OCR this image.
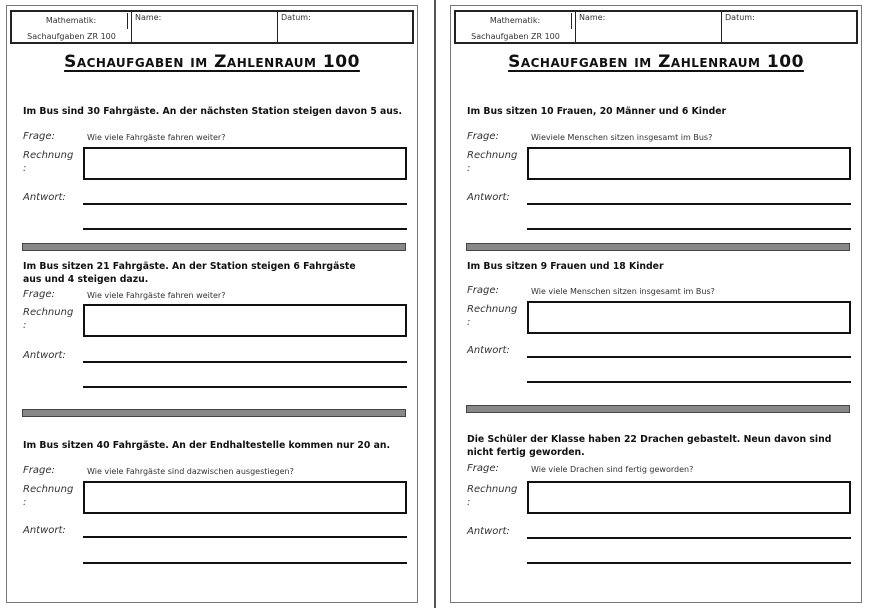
Mathematik:
Sachaufgaben ZR 100
Name:	Datum:
Sachaufgaben im Zahlenraum 100
Im Bus sind 30 Fahrgäste. An der nächsten Station steigen davon 5 aus.
Frage:	Wie viele Fahrgäste fahren weiter?
Rechnung
:
Antwort:
Im Bus sitzen 21 Fahrgäste. An der Station steigen 6 Fahrgäste aus und 4 steigen dazu.
Frage:	Wie viele Fahrgäste fahren weiter?
Rechnung
:
Antwort:
Im Bus sitzen 40 Fahrgäste. An der Endhaltestelle kommen nur 20 an.
Frage:	Wie viele Fahrgäste sind dazwischen ausgestiegen?
Rechnung
:
Antwort:
Mathematik:
Sachaufgaben ZR 100
Name:	Datum:
Sachaufgaben im Zahlenraum 100
Im Bus sitzen 10 Frauen, 20 Männer und 6 Kinder
Frage:	Wieviele Menschen sitzen insgesamt im Bus?
Rechnung
:
Antwort:
Im Bus sitzen 9 Frauen und 18 Kinder
Frage:	Wie viele Menschen sitzen insgesamt im Bus?
Rechnung
:
Antwort:
Die Schüler der Klasse haben 22 Drachen gebastelt. Neun davon sind nicht fertig geworden.
Frage:	Wie viele Drachen sind fertig geworden?
Rechnung
:
Antwort:
